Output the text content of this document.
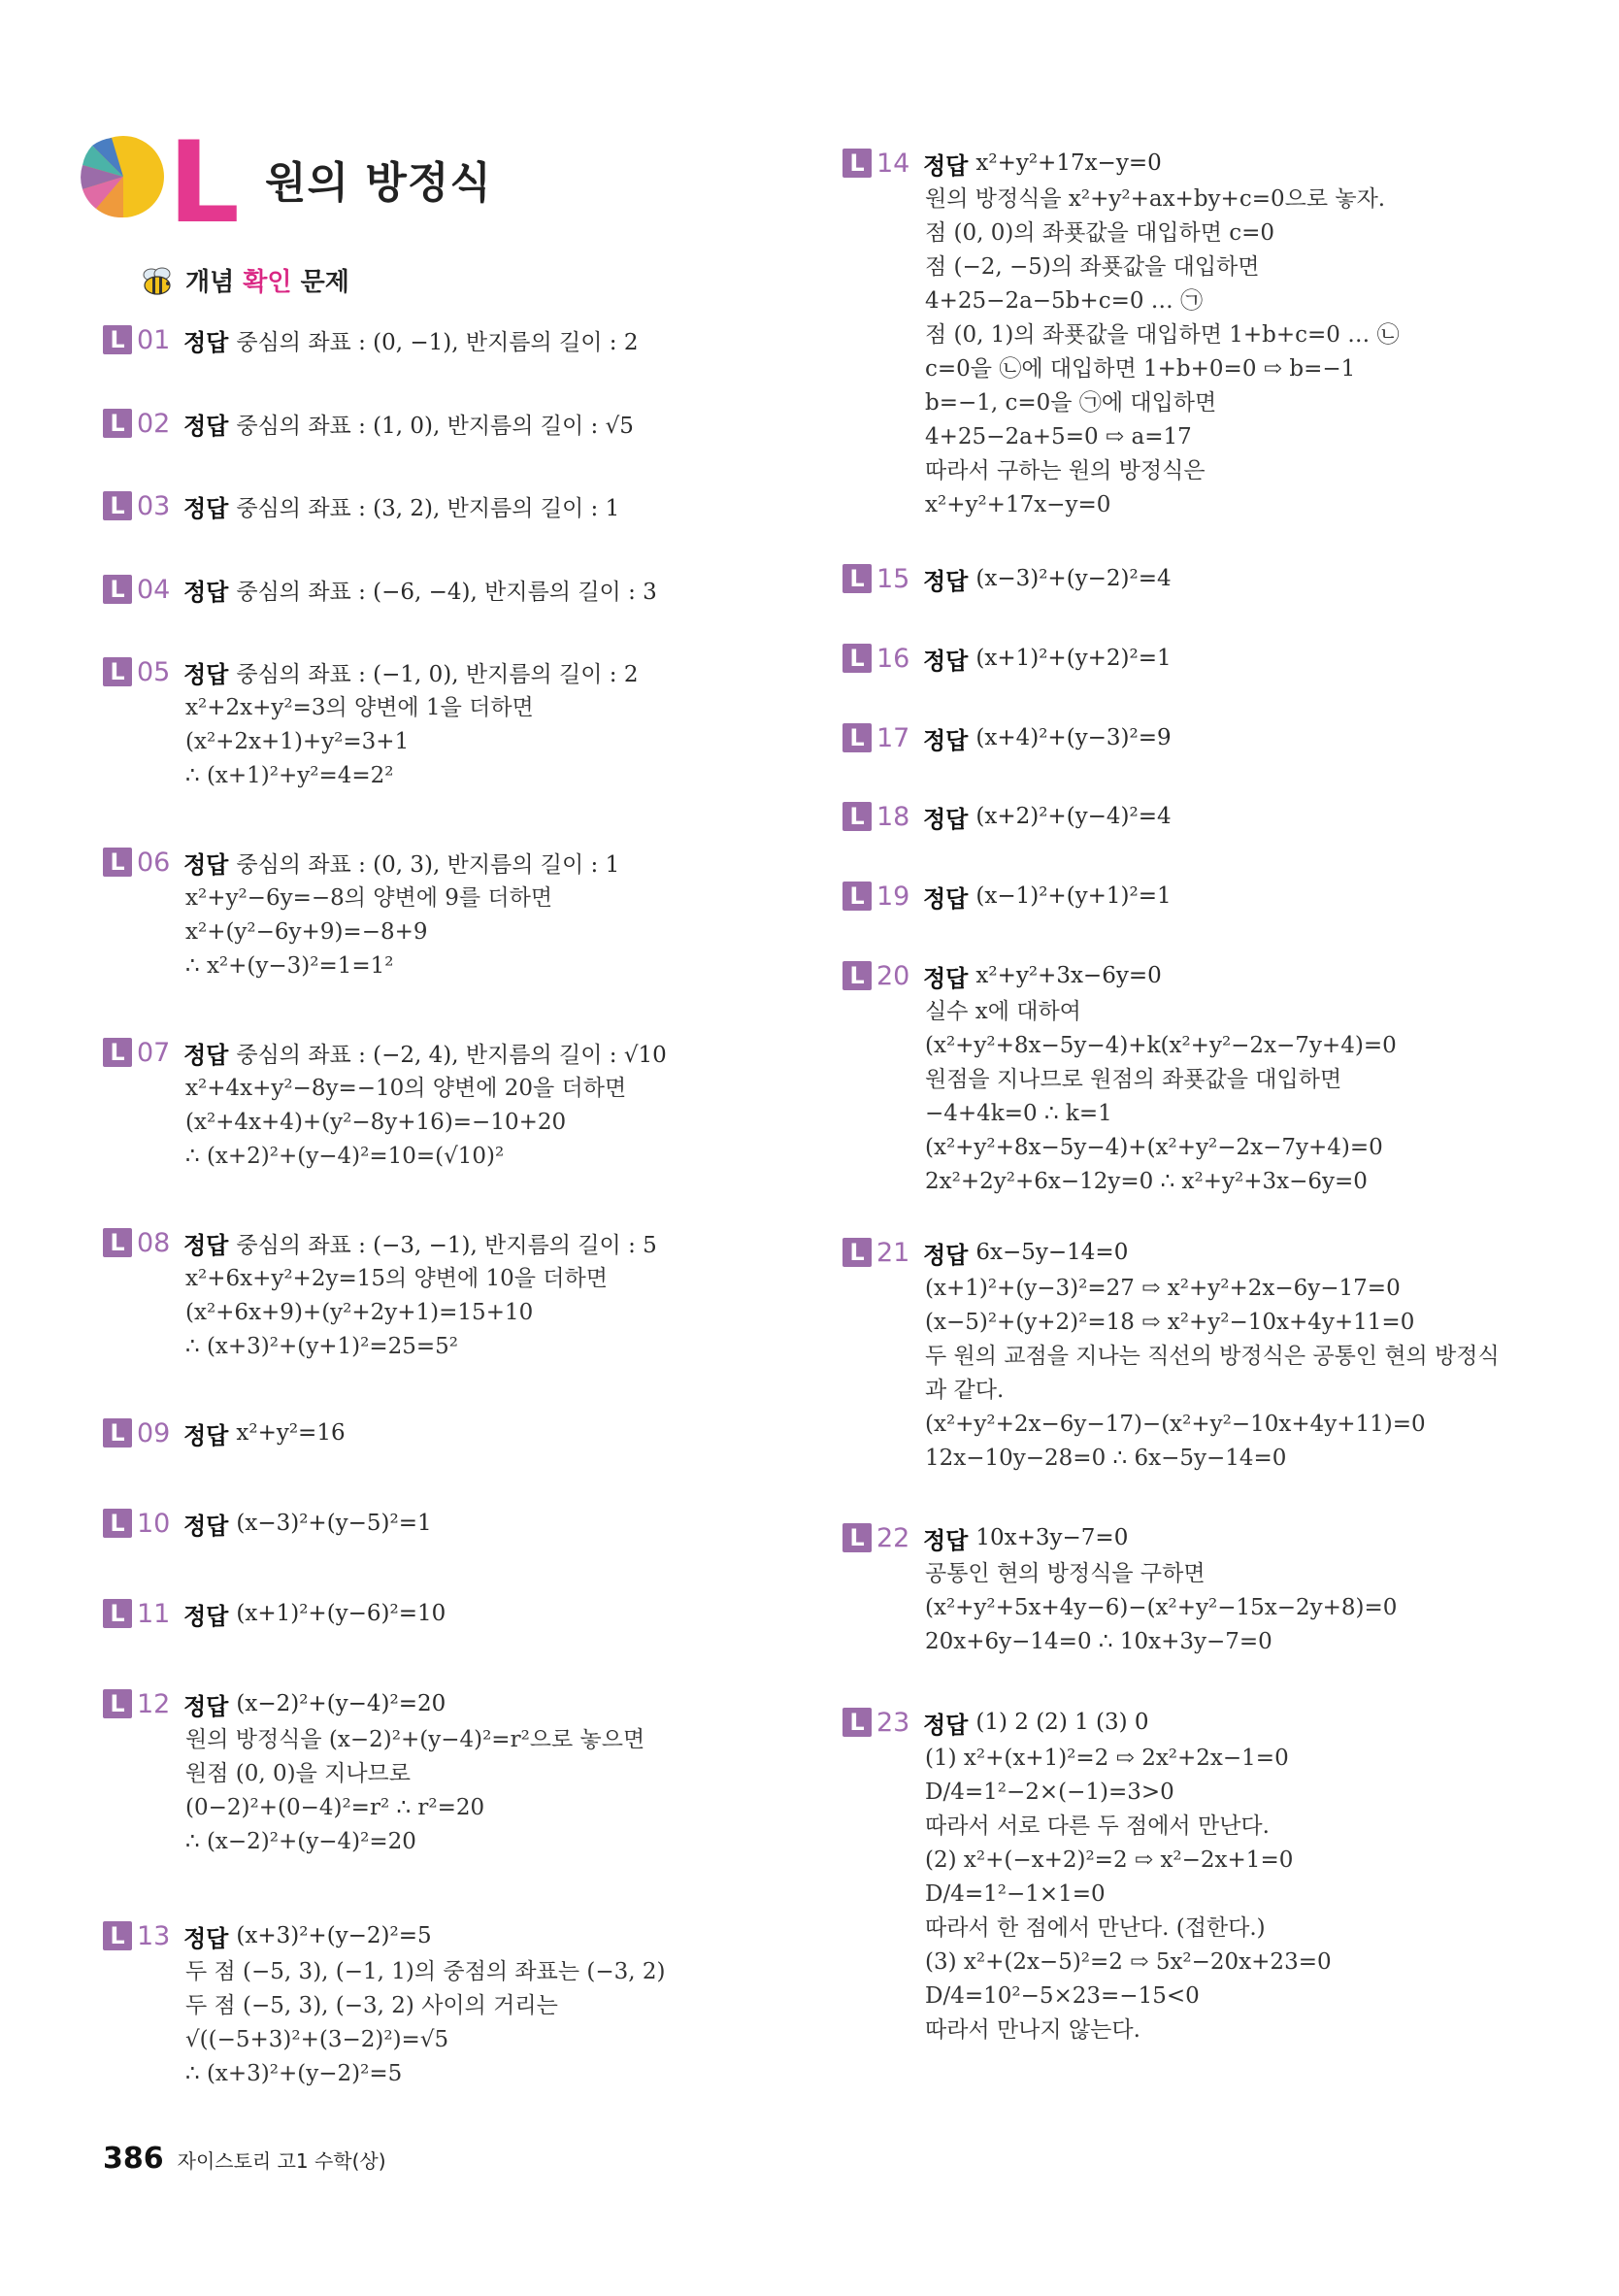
L 원의 방정식
개념 확인 문제
L 01 정답 중심의 좌표 : (0, −1), 반지름의 길이 : 2
L 02 정답 중심의 좌표 : (1, 0), 반지름의 길이 : √5
L 03 정답 중심의 좌표 : (3, 2), 반지름의 길이 : 1
L 04 정답 중심의 좌표 : (−6, −4), 반지름의 길이 : 3
L 05 정답 중심의 좌표 : (−1, 0), 반지름의 길이 : 2
x²+2x+y²=3의 양변에 1을 더하면
(x²+2x+1)+y²=3+1
∴ (x+1)²+y²=4=2²
L 06 정답 중심의 좌표 : (0, 3), 반지름의 길이 : 1
x²+y²−6y=−8의 양변에 9를 더하면
x²+(y²−6y+9)=−8+9
∴ x²+(y−3)²=1=1²
L 07 정답 중심의 좌표 : (−2, 4), 반지름의 길이 : √10
x²+4x+y²−8y=−10의 양변에 20을 더하면
(x²+4x+4)+(y²−8y+16)=−10+20
∴ (x+2)²+(y−4)²=10=(√10)²
L 08 정답 중심의 좌표 : (−3, −1), 반지름의 길이 : 5
x²+6x+y²+2y=15의 양변에 10을 더하면
(x²+6x+9)+(y²+2y+1)=15+10
∴ (x+3)²+(y+1)²=25=5²
L 09 정답 x²+y²=16
L 10 정답 (x−3)²+(y−5)²=1
L 11 정답 (x+1)²+(y−6)²=10
L 12 정답 (x−2)²+(y−4)²=20
원의 방정식을 (x−2)²+(y−4)²=r²으로 놓으면
원점 (0, 0)을 지나므로
(0−2)²+(0−4)²=r² ∴ r²=20
∴ (x−2)²+(y−4)²=20
L 13 정답 (x+3)²+(y−2)²=5
두 점 (−5, 3), (−1, 1)의 중점의 좌표는 (−3, 2)
두 점 (−5, 3), (−3, 2) 사이의 거리는
√((−5+3)²+(3−2)²)=√5
∴ (x+3)²+(y−2)²=5
L 14 정답 x²+y²+17x−y=0
원의 방정식을 x²+y²+ax+by+c=0으로 놓자.
점 (0, 0)의 좌푯값을 대입하면 c=0
점 (−2, −5)의 좌푯값을 대입하면
4+25−2a−5b+c=0 … ㉠
점 (0, 1)의 좌푯값을 대입하면 1+b+c=0 … ㉡
c=0을 ㉡에 대입하면 1+b+0=0 ⇨ b=−1
b=−1, c=0을 ㉠에 대입하면
4+25−2a+5=0 ⇨ a=17
따라서 구하는 원의 방정식은
x²+y²+17x−y=0
L 15 정답 (x−3)²+(y−2)²=4
L 16 정답 (x+1)²+(y+2)²=1
L 17 정답 (x+4)²+(y−3)²=9
L 18 정답 (x+2)²+(y−4)²=4
L 19 정답 (x−1)²+(y+1)²=1
L 20 정답 x²+y²+3x−6y=0
실수 x에 대하여
(x²+y²+8x−5y−4)+k(x²+y²−2x−7y+4)=0
원점을 지나므로 원점의 좌푯값을 대입하면
−4+4k=0 ∴ k=1
(x²+y²+8x−5y−4)+(x²+y²−2x−7y+4)=0
2x²+2y²+6x−12y=0 ∴ x²+y²+3x−6y=0
L 21 정답 6x−5y−14=0
(x+1)²+(y−3)²=27 ⇨ x²+y²+2x−6y−17=0
(x−5)²+(y+2)²=18 ⇨ x²+y²−10x+4y+11=0
두 원의 교점을 지나는 직선의 방정식은 공통인 현의 방정식
과 같다.
(x²+y²+2x−6y−17)−(x²+y²−10x+4y+11)=0
12x−10y−28=0 ∴ 6x−5y−14=0
L 22 정답 10x+3y−7=0
공통인 현의 방정식을 구하면
(x²+y²+5x+4y−6)−(x²+y²−15x−2y+8)=0
20x+6y−14=0 ∴ 10x+3y−7=0
L 23 정답 (1) 2 (2) 1 (3) 0
(1) x²+(x+1)²=2 ⇨ 2x²+2x−1=0
D/4=1²−2×(−1)=3>0
따라서 서로 다른 두 점에서 만난다.
(2) x²+(−x+2)²=2 ⇨ x²−2x+1=0
D/4=1²−1×1=0
따라서 한 점에서 만난다. (접한다.)
(3) x²+(2x−5)²=2 ⇨ 5x²−20x+23=0
D/4=10²−5×23=−15<0
따라서 만나지 않는다.
386 자이스토리 고1 수학(상)
